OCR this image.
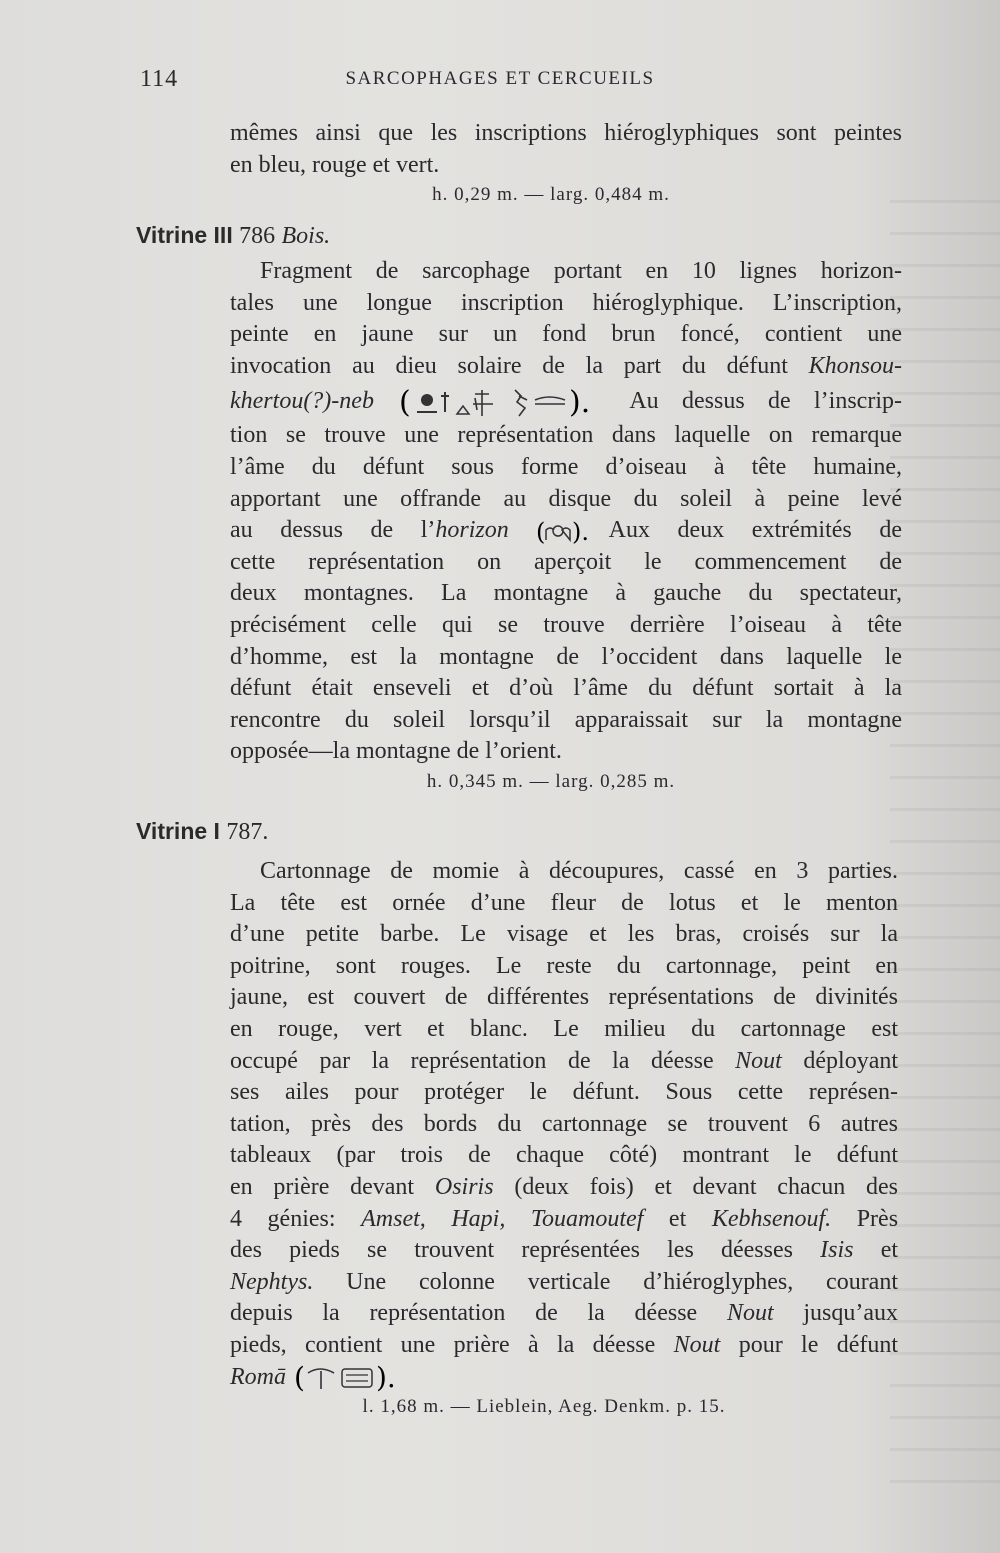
114	SARCOPHAGES ET CERCUEILS
mêmes ainsi que les inscriptions hiéroglyphiques sont peintes
en bleu, rouge et vert.
h. 0,29 m. — larg. 0,484 m.
Vitrine III 786 Bois.
Fragment de sarcophage portant en 10 lignes horizon-
tales une longue inscription hiéroglyphique. L’inscription,
peinte en jaune sur un fond brun foncé, contient une
invocation au dieu solaire de la part du défunt Khonsou-
khertou(?)-neb (	). Au dessus de l’inscrip-
tion se trouve une représentation dans laquelle on remarque
l’âme du défunt sous forme d’oiseau à tête humaine,
apportant une offrande au disque du soleil à peine levé
au dessus de l’horizon ( ). Aux deux extrémités de
cette représentation on aperçoit le commencement de
deux montagnes. La montagne à gauche du spectateur,
précisément celle qui se trouve derrière l’oiseau à tête
d’homme, est la montagne de l’occident dans laquelle le
défunt était enseveli et d’où l’âme du défunt sortait à la
rencontre du soleil lorsqu’il apparaissait sur la montagne
opposée—la montagne de l’orient.
h. 0,345 m. — larg. 0,285 m.
Vitrine I 787.
Cartonnage de momie à découpures, cassé en 3 parties.
La tête est ornée d’une fleur de lotus et le menton
d’une petite barbe. Le visage et les bras, croisés sur la
poitrine, sont rouges. Le reste du cartonnage, peint en
jaune, est couvert de différentes représentations de divinités
en rouge, vert et blanc. Le milieu du cartonnage est
occupé par la représentation de la déesse Nout déployant
ses ailes pour protéger le défunt. Sous cette représen-
tation, près des bords du cartonnage se trouvent 6 autres
tableaux (par trois de chaque côté) montrant le défunt
en prière devant Osiris (deux fois) et devant chacun des
4 génies: Amset, Hapi, Touamoutef et Kebhsenouf. Près
des pieds se trouvent représentées les déesses Isis et
Nephtys. Une colonne verticale d’hiéroglyphes, courant
depuis la représentation de la déesse Nout jusqu’aux
pieds, contient une prière à la déesse Nout pour le défunt
Romā (	).
l. 1,68 m. — Lieblein, Aeg. Denkm. p. 15.
